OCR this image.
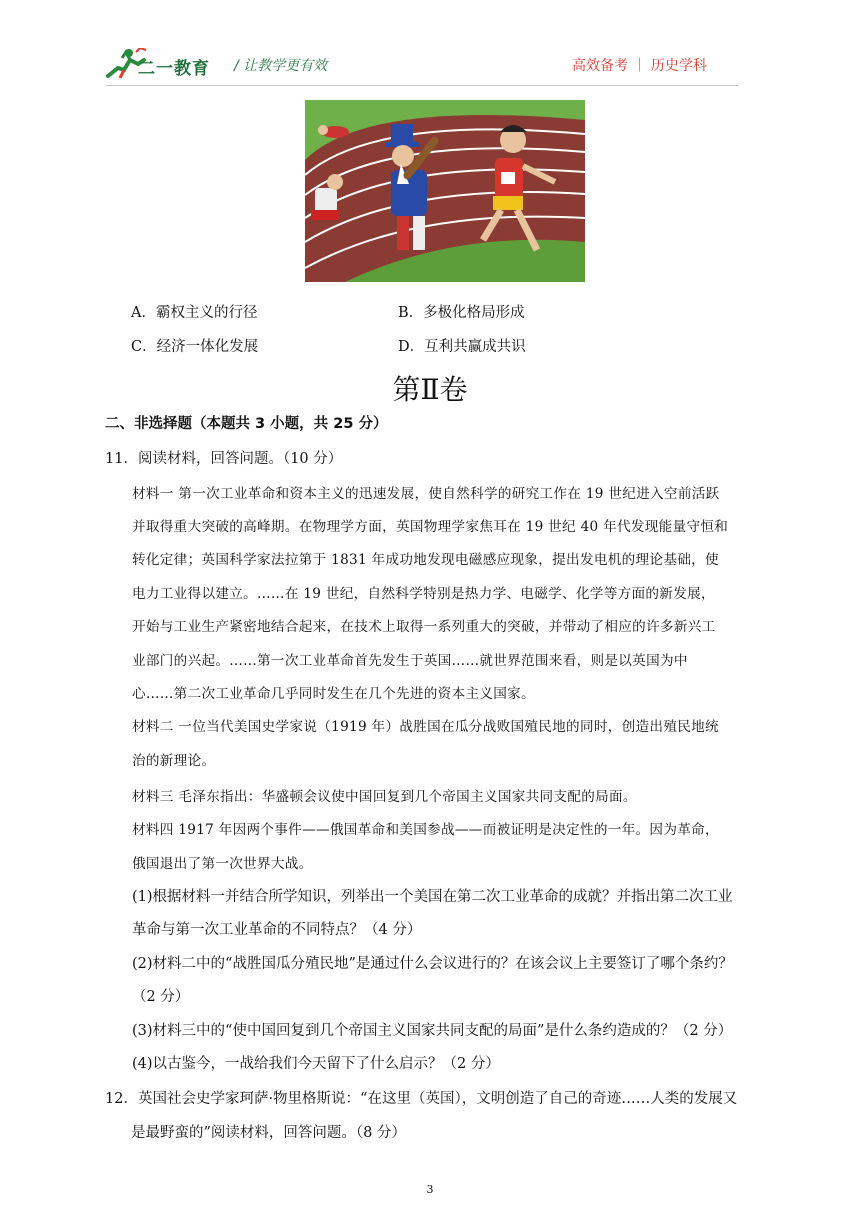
二一教育 / 让教学更有效	高效备考 ｜ 历史学科
A．霸权主义的行径	B．多极化格局形成
C．经济一体化发展	D．互利共赢成共识
第Ⅱ卷
二、非选择题（本题共 3 小题，共 25 分）
11．阅读材料，回答问题。（10 分）
材料一 第一次工业革命和资本主义的迅速发展，使自然科学的研究工作在 19 世纪进入空前活跃
并取得重大突破的高峰期。在物理学方面，英国物理学家焦耳在 19 世纪 40 年代发现能量守恒和
转化定律；英国科学家法拉第于 1831 年成功地发现电磁感应现象，提出发电机的理论基础，使
电力工业得以建立。……在 19 世纪，自然科学特别是热力学、电磁学、化学等方面的新发展，
开始与工业生产紧密地结合起来，在技术上取得一系列重大的突破，并带动了相应的许多新兴工
业部门的兴起。……第一次工业革命首先发生于英国……就世界范围来看，则是以英国为中
心……第二次工业革命几乎同时发生在几个先进的资本主义国家。
材料二 一位当代美国史学家说（1919 年）战胜国在瓜分战败国殖民地的同时，创造出殖民地统
治的新理论。
材料三 毛泽东指出：华盛顿会议使中国回复到几个帝国主义国家共同支配的局面。
材料四 1917 年因两个事件——俄国革命和美国参战——而被证明是决定性的一年。因为革命，
俄国退出了第一次世界大战。
(1)根据材料一并结合所学知识，列举出一个美国在第二次工业革命的成就？并指出第二次工业
革命与第一次工业革命的不同特点？（4 分）
(2)材料二中的“战胜国瓜分殖民地”是通过什么会议进行的？在该会议上主要签订了哪个条约？
（2 分）
(3)材料三中的“使中国回复到几个帝国主义国家共同支配的局面”是什么条约造成的？（2 分）
(4)以古鉴今，一战给我们今天留下了什么启示？（2 分）
12．英国社会史学家珂萨·物里格斯说：“在这里（英国），文明创造了自己的奇迹……人类的发展又
是最野蛮的”阅读材料，回答问题。（8 分）
3
